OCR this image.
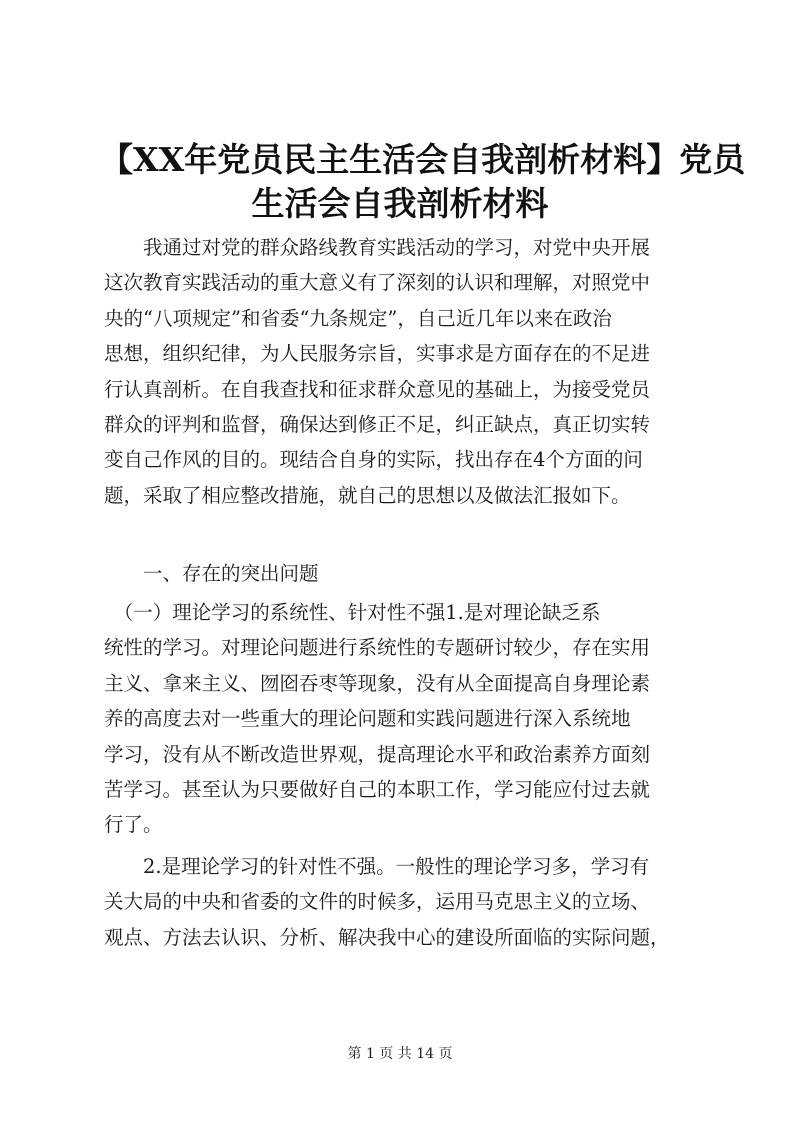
【XX年党员民主生活会自我剖析材料】党员
生活会自我剖析材料
　　我通过对党的群众路线教育实践活动的学习，对党中央开展
这次教育实践活动的重大意义有了深刻的认识和理解，对照党中
央的“八项规定”和省委“九条规定”，自己近几年以来在政治
思想，组织纪律，为人民服务宗旨，实事求是方面存在的不足进
行认真剖析。在自我查找和征求群众意见的基础上，为接受党员
群众的评判和监督，确保达到修正不足，纠正缺点，真正切实转
变自己作风的目的。现结合自身的实际，找出存在4个方面的问
题，采取了相应整改措施，就自己的思想以及做法汇报如下。
　　一、存在的突出问题
　（一）理论学习的系统性、针对性不强1.是对理论缺乏系
统性的学习。对理论问题进行系统性的专题研讨较少，存在实用
主义、拿来主义、囫囵吞枣等现象，没有从全面提高自身理论素
养的高度去对一些重大的理论问题和实践问题进行深入系统地
学习，没有从不断改造世界观，提高理论水平和政治素养方面刻
苦学习。甚至认为只要做好自己的本职工作，学习能应付过去就
行了。
　　2.是理论学习的针对性不强。一般性的理论学习多，学习有
关大局的中央和省委的文件的时候多，运用马克思主义的立场、
观点、方法去认识、分析、解决我中心的建设所面临的实际问题，
第 1 页 共 14 页
